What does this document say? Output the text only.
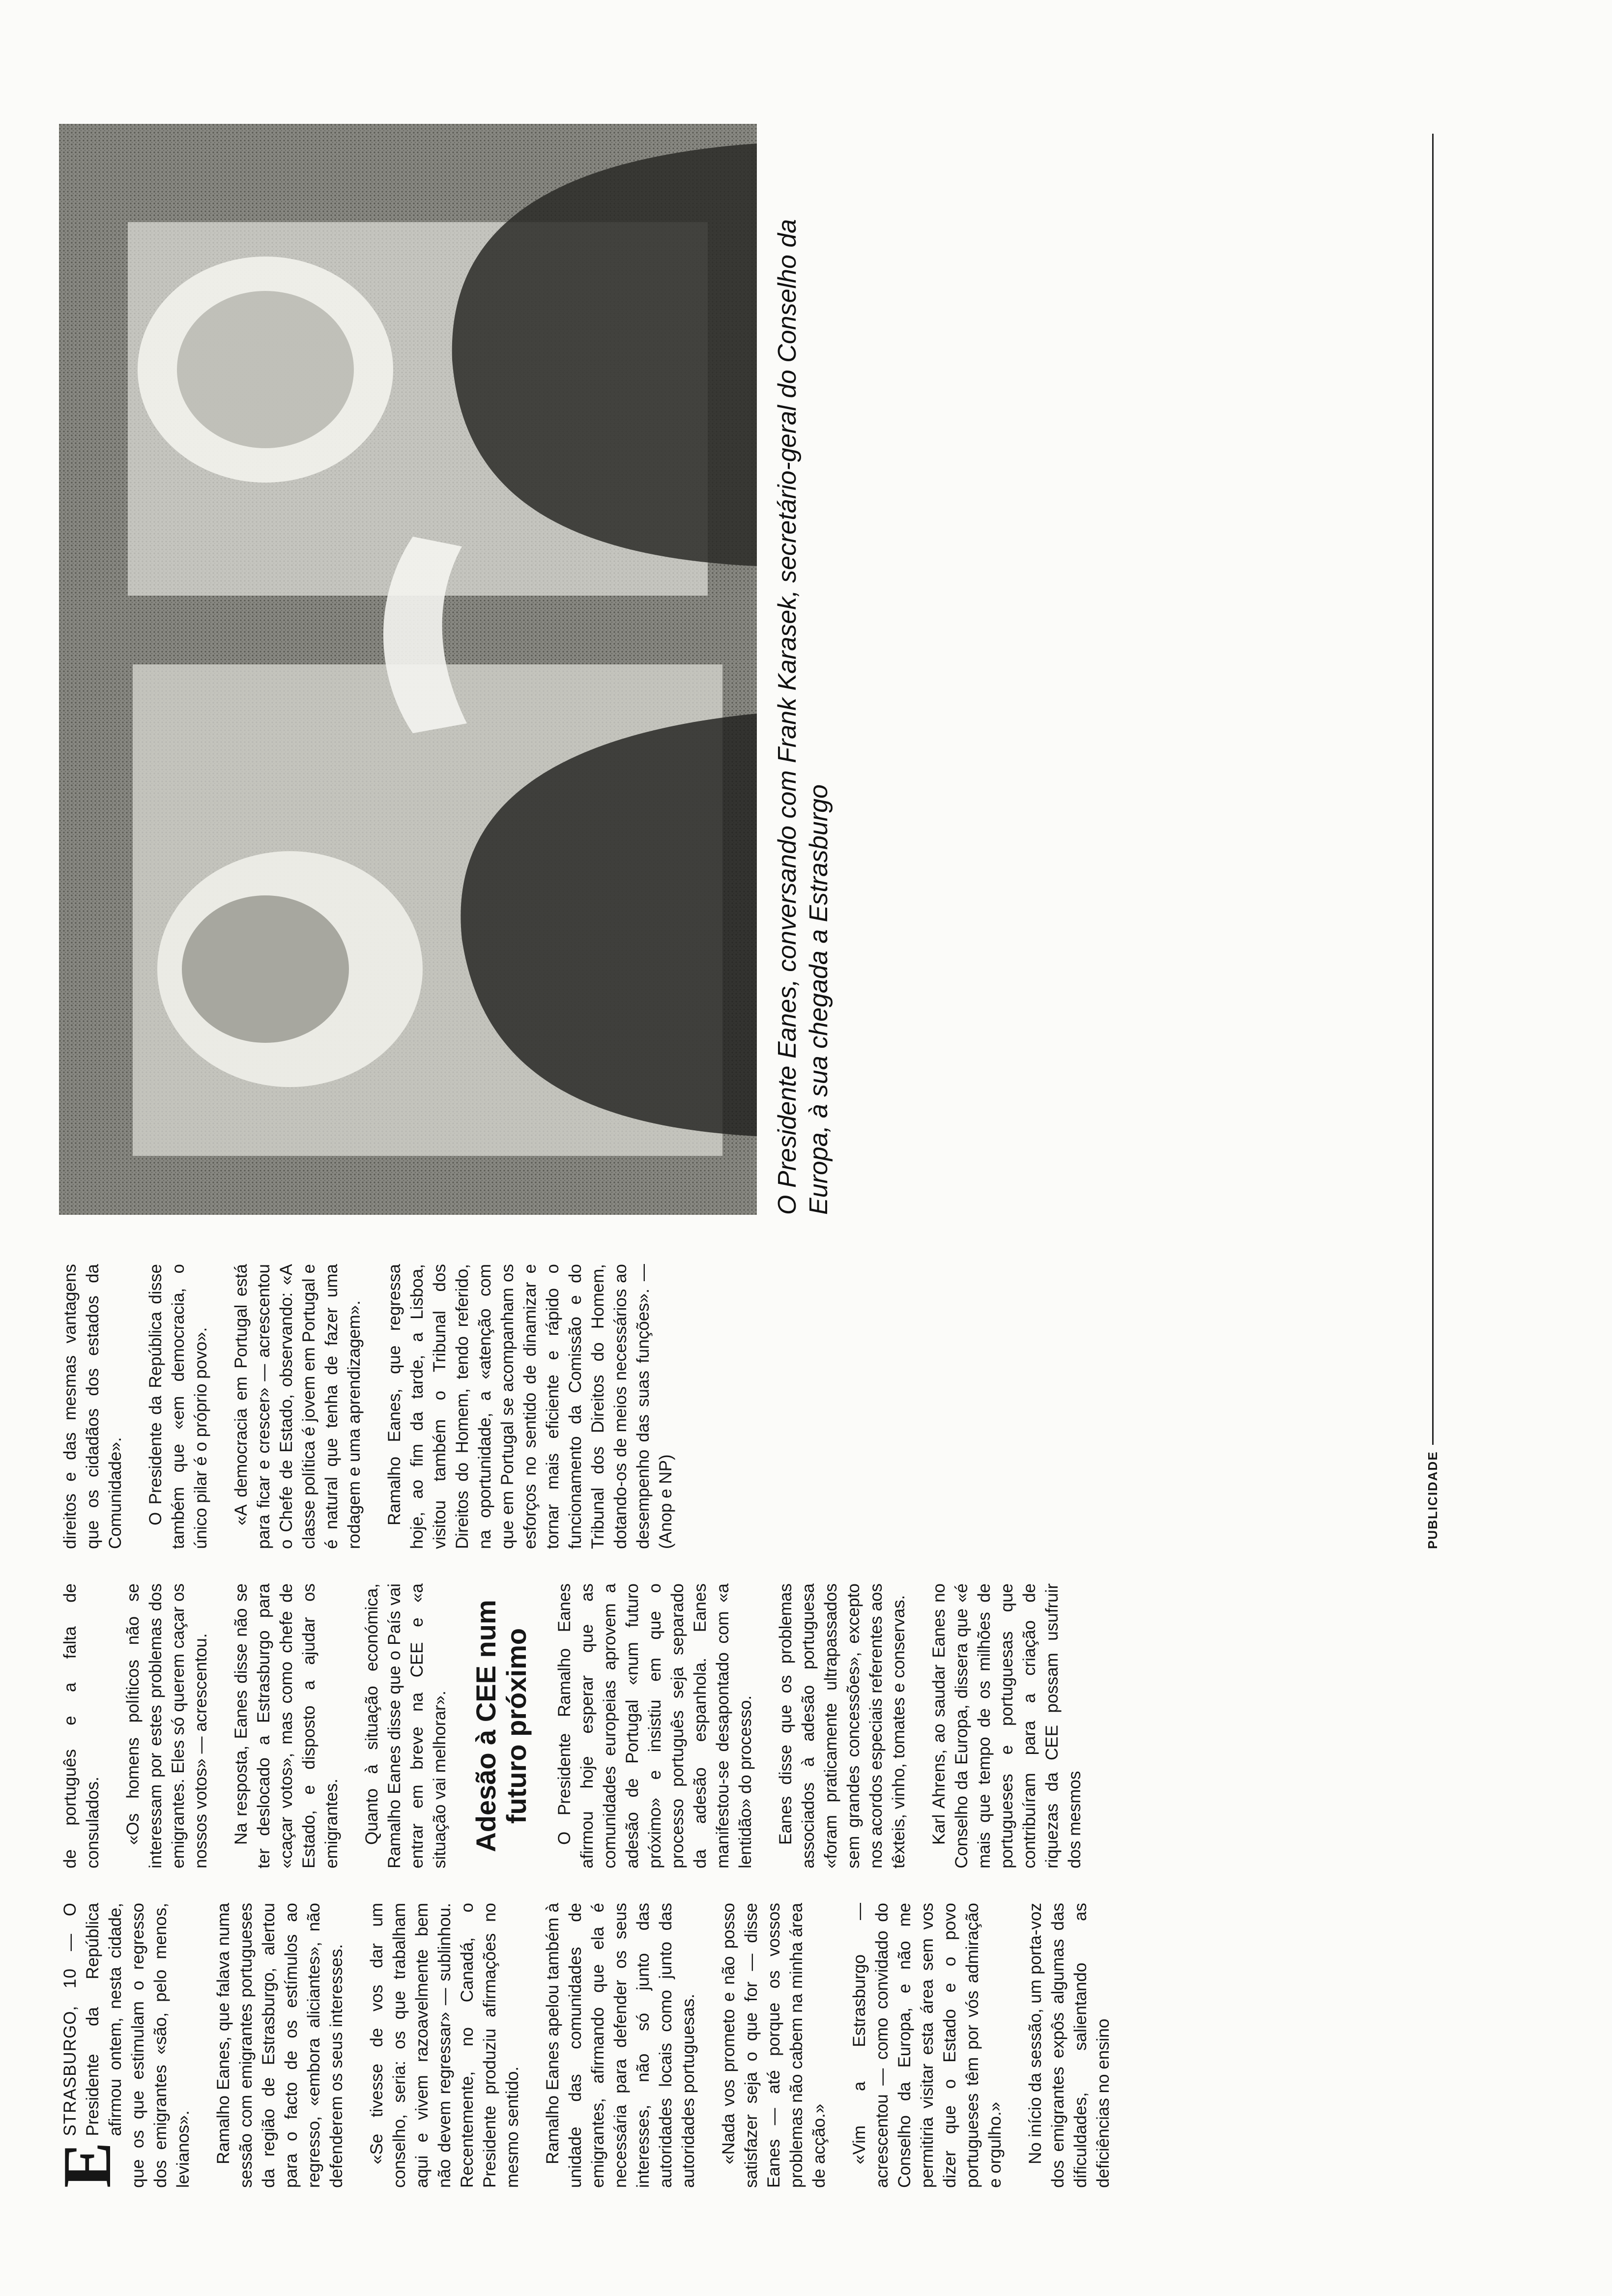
E
STRASBURGO, 10 — O Presidente da República afirmou ontem, nesta cidade, que os que estimulam o regresso dos emigrantes «são, pelo menos, levianos». Ramalho Eanes, que falava numa sessão com emigrantes portugueses da região de Estrasburgo, alertou para o facto de os estímulos ao regresso, «embora aliciantes», não defenderem os seus interesses. «Se tivesse de vos dar um conselho, seria: os que trabalham aqui e vivem razoavelmente bem não devem regressar» — sublinhou. Recentemente, no Canadá, o Presidente produziu afirmações no mesmo sentido. Ramalho Eanes apelou também à unidade das comunidades de emigrantes, afirmando que ela é necessária para defender os seus interesses, não só junto das autoridades locais como junto das autoridades portuguesas. «Nada vos prometo e não posso satisfazer seja o que for — disse Eanes — até porque os vossos problemas não cabem na minha área de acção.» «Vim a Estrasburgo — acrescentou — como convidado do Conselho da Europa, e não me permitiria visitar esta área sem vos dizer que o Estado e o povo portugueses têm por vós admiração e orgulho.» No início da sessão, um porta-voz dos emigrantes expôs algumas das dificuldades, salientando as deficiências no ensino

de português e a falta de consulados. «Os homens políticos não se interessam por estes problemas dos emigrantes. Eles só querem caçar os nossos votos» — acrescentou. Na resposta, Eanes disse não se ter deslocado a Estrasburgo para «caçar votos», mas como chefe de Estado, e disposto a ajudar os emigrantes. Quanto à situação económica, Ramalho Eanes disse que o País vai entrar em breve na CEE e «a situação vai melhorar». Adesão à CEE num futuro próximo O Presidente Ramalho Eanes afirmou hoje esperar que as comunidades europeias aprovem a adesão de Portugal «num futuro próximo» e insistiu em que o processo português seja separado da adesão espanhola. Eanes manifestou-se desapontado com «a lentidão» do processo. Eanes disse que os problemas associados à adesão portuguesa «foram praticamente ultrapassados sem grandes concessões», excepto nos acordos especiais referentes aos têxteis, vinho, tomates e conservas. Karl Ahrens, ao saudar Eanes no Conselho da Europa, dissera que «é mais que tempo de os milhões de portugueses e portuguesas que contribuíram para a criação de riquezas da CEE possam usufruir dos mesmos

direitos e das mesmas vantagens que os cidadãos dos estados da Comunidade». O Presidente da República disse também que «em democracia, o único pilar é o próprio povo». «A democracia em Portugal está para ficar e crescer» — acrescentou o Chefe de Estado, observando: «A classe política é jovem em Portugal e é natural que tenha de fazer uma rodagem e uma aprendizagem». Ramalho Eanes, que regressa hoje, ao fim da tarde, a Lisboa, visitou também o Tribunal dos Direitos do Homem, tendo referido, na oportunidade, a «atenção com que em Portugal se acompanham os esforços no sentido de dinamizar e tornar mais eficiente e rápido o funcionamento da Comissão e do Tribunal dos Direitos do Homem, dotando-os de meios necessários ao desempenho das suas funções». — (Anop e NP)	PUBLICIDADE
O Presidente Eanes, conversando com Frank Karasek, secretário-geral do Conselho da Europa, à sua chegada a Estrasburgo
